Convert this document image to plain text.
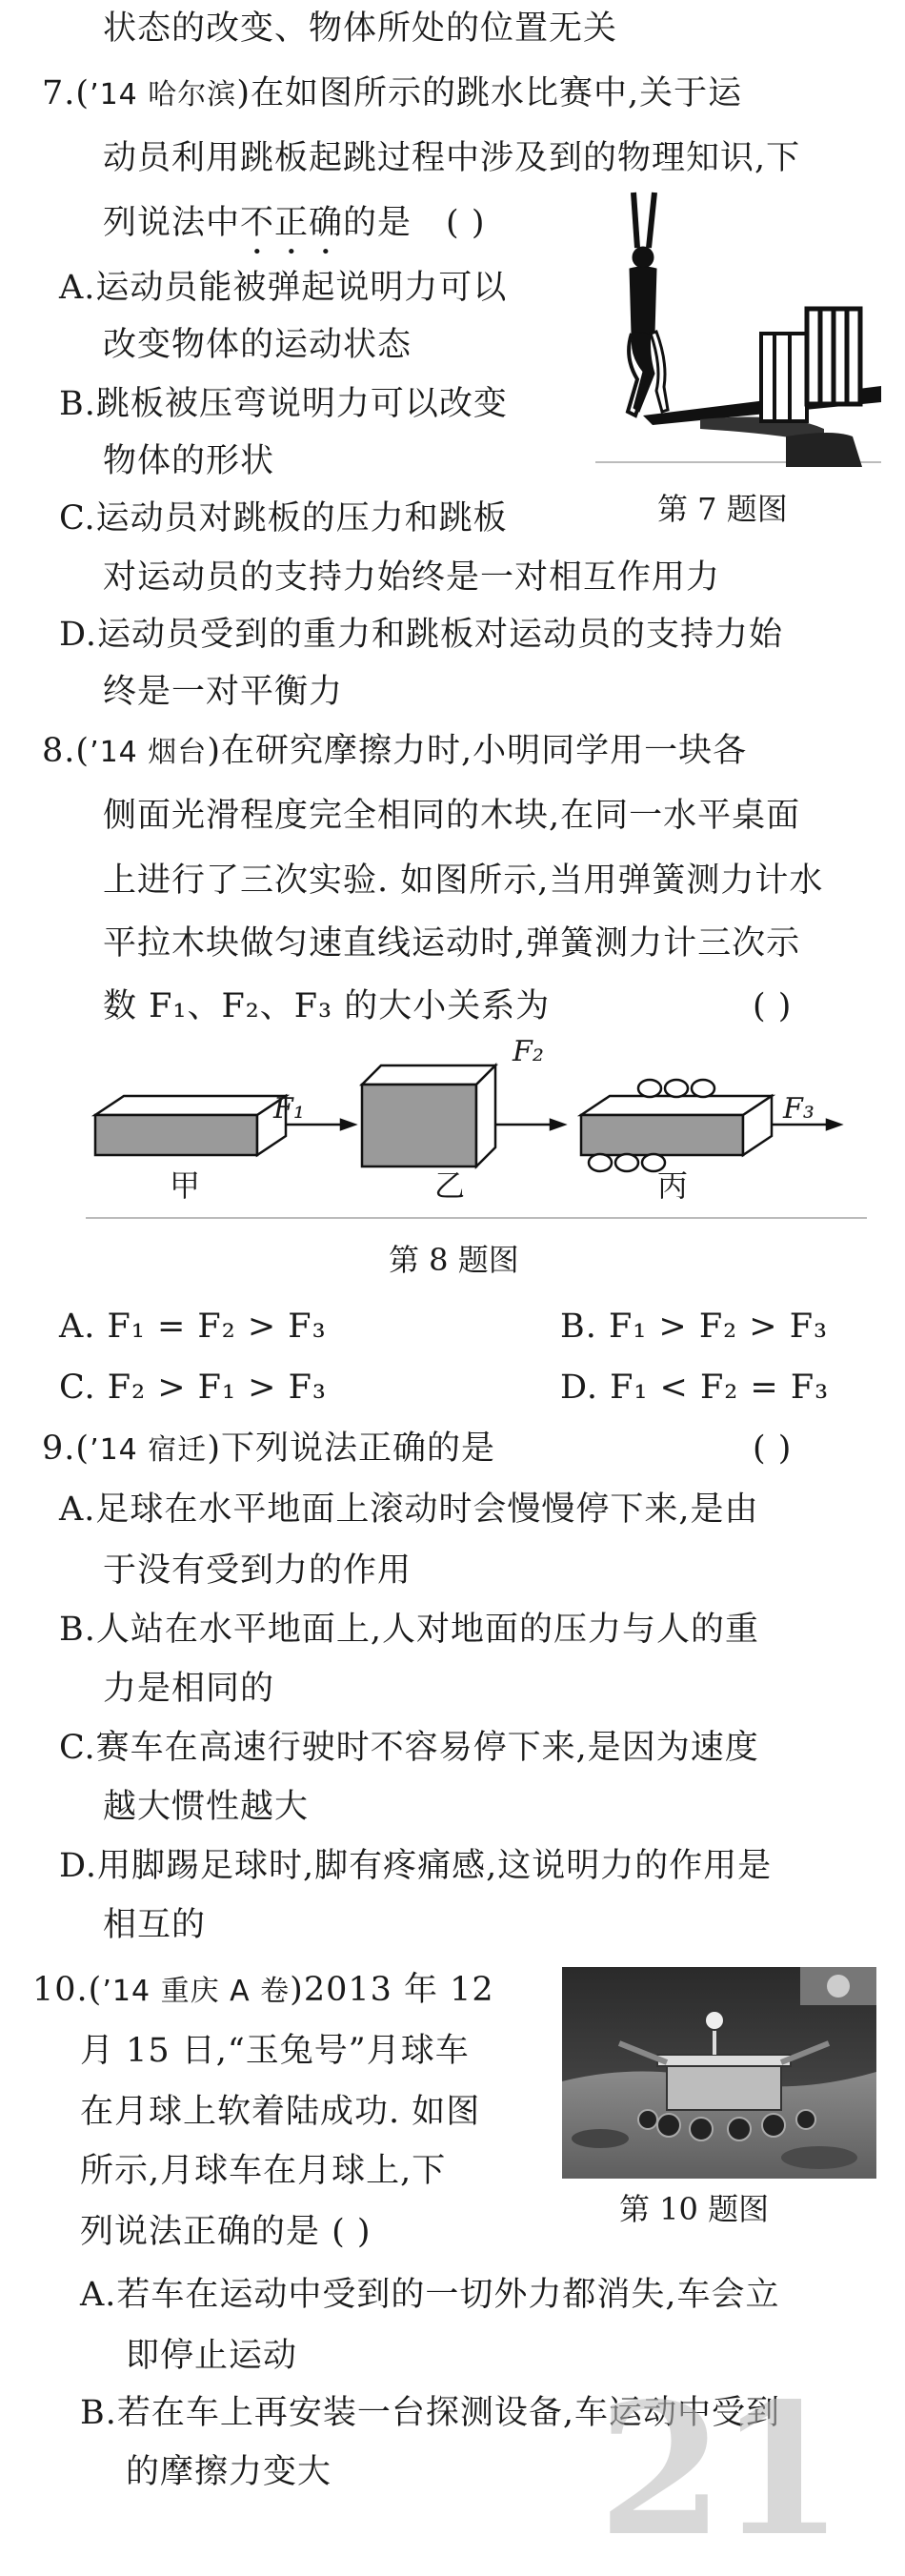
状态的改变、物体所处的位置无关
7.(’14 哈尔滨)在如图所示的跳水比赛中,关于运
动员利用跳板起跳过程中涉及到的物理知识,下
列说法中不正确的是 ( )
A.运动员能被弹起说明力可以
改变物体的运动状态
B.跳板被压弯说明力可以改变
物体的形状
C.运动员对跳板的压力和跳板
对运动员的支持力始终是一对相互作用力
D.运动员受到的重力和跳板对运动员的支持力始
终是一对平衡力
第 7 题图
8.(’14 烟台)在研究摩擦力时,小明同学用一块各
侧面光滑程度完全相同的木块,在同一水平桌面
上进行了三次实验. 如图所示,当用弹簧测力计水
平拉木块做匀速直线运动时,弹簧测力计三次示
数 F₁、F₂、F₃ 的大小关系为	( )
F₁
F₂
F₃
甲	乙	丙
第 8 题图
A. F₁ = F₂ > F₃	B. F₁ > F₂ > F₃
C. F₂ > F₁ > F₃	D. F₁ < F₂ = F₃
9.(’14 宿迁)下列说法正确的是	( )
A.足球在水平地面上滚动时会慢慢停下来,是由
于没有受到力的作用
B.人站在水平地面上,人对地面的压力与人的重
力是相同的
C.赛车在高速行驶时不容易停下来,是因为速度
越大惯性越大
D.用脚踢足球时,脚有疼痛感,这说明力的作用是
相互的
10.(’14 重庆 A 卷)2013 年 12
月 15 日,“玉兔号”月球车
在月球上软着陆成功. 如图
所示,月球车在月球上,下
列说法正确的是 ( )
第 10 题图
A.若车在运动中受到的一切外力都消失,车会立
即停止运动
B.若在车上再安装一台探测设备,车运动中受到
的摩擦力变大 21
